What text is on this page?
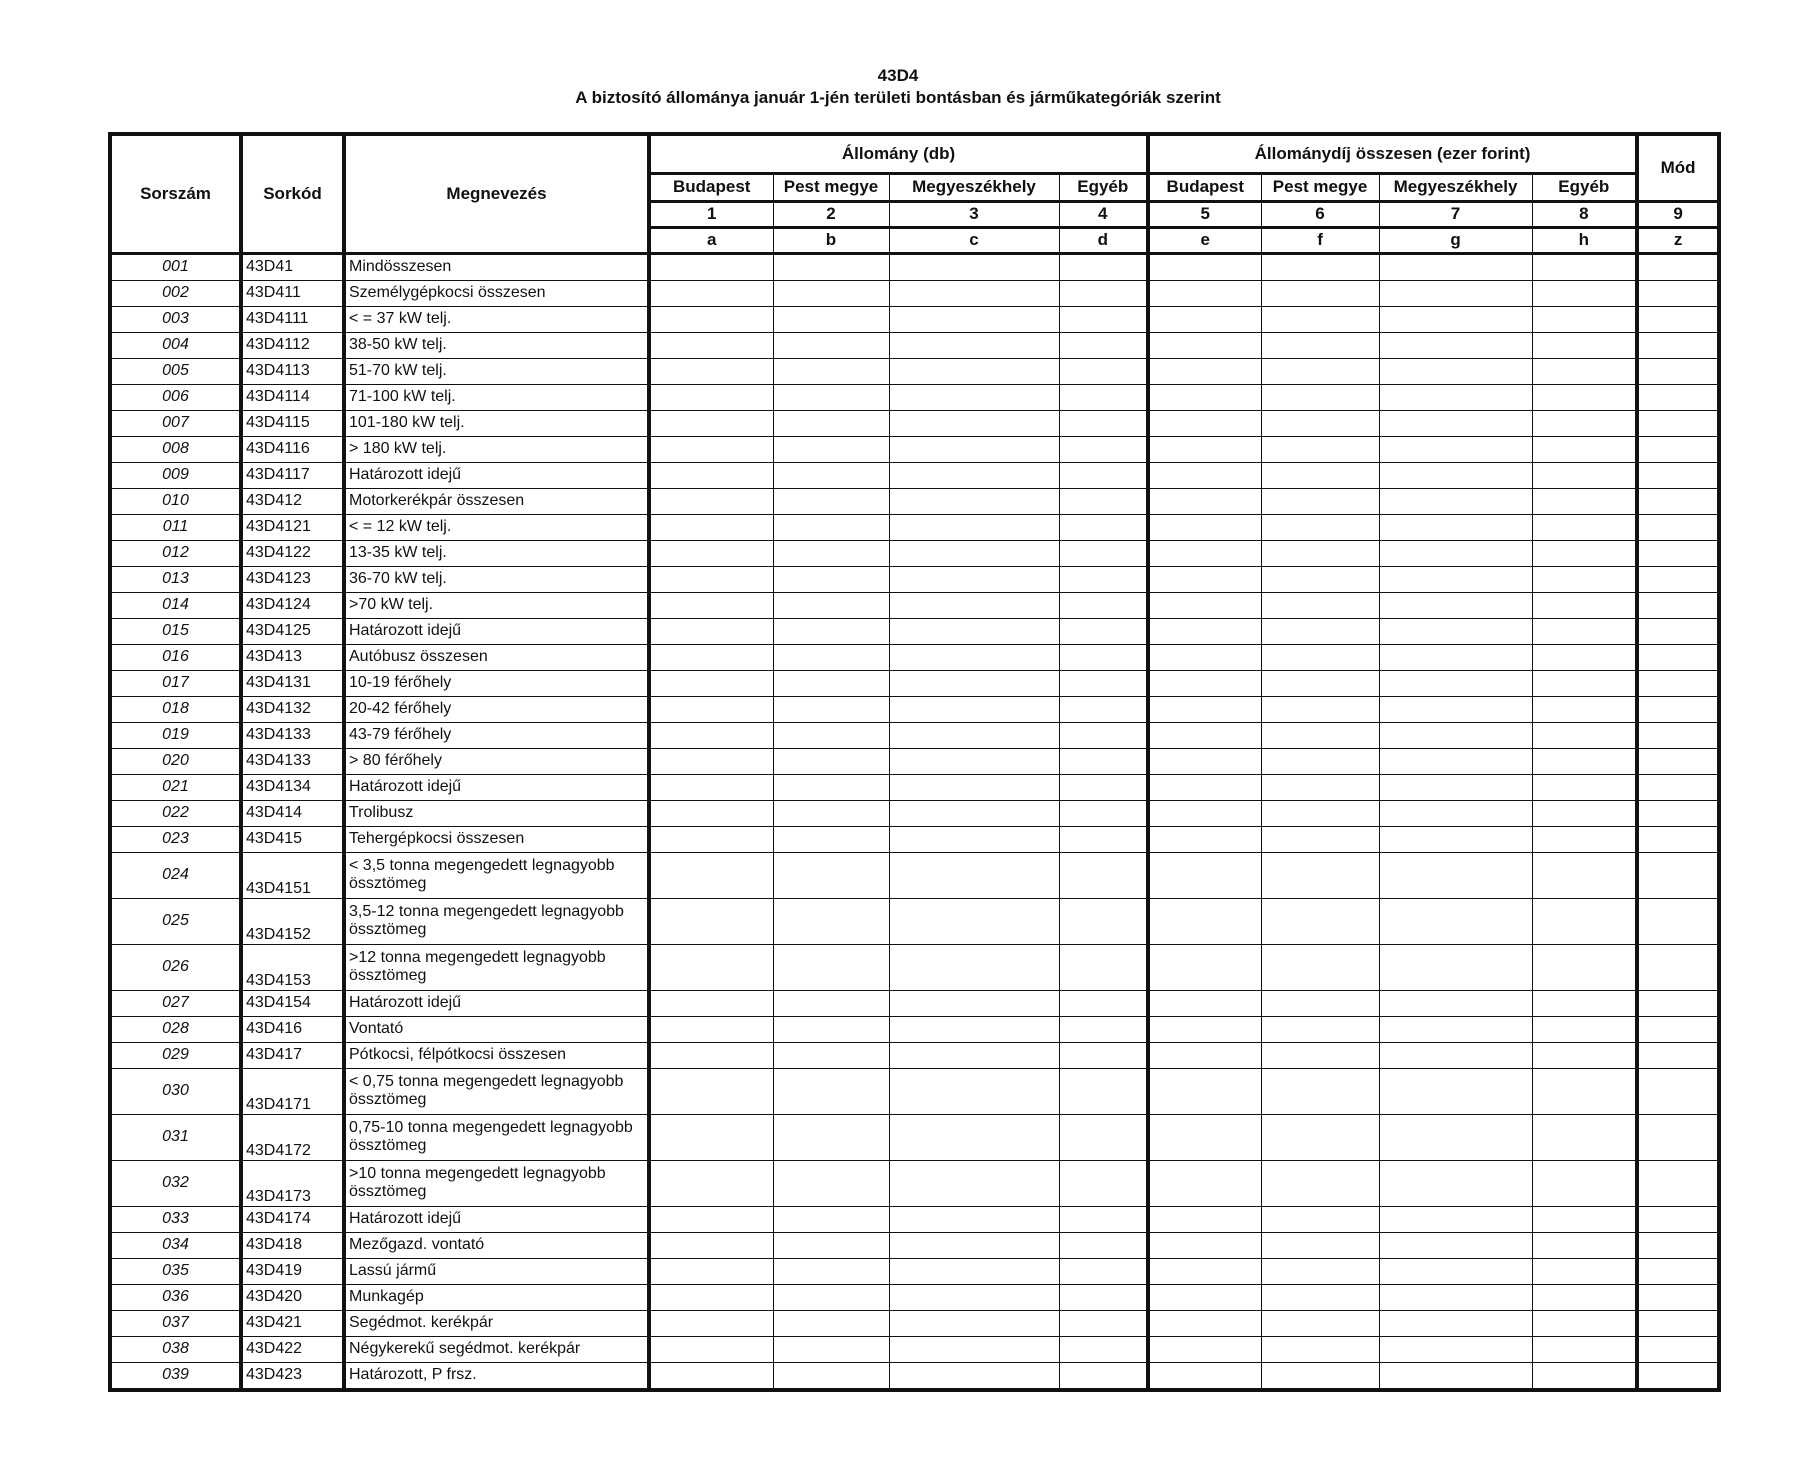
43D4
A biztosító állománya január 1-jén területi bontásban és járműkategóriák szerint
Sorszám	Sorkód	Megnevezés	Állomány (db)				Állománydíj összesen (ezer forint)				Mód
			Budapest	Pest megye	Megyeszékhely	Egyéb	Budapest	Pest megye	Megyeszékhely	Egyéb	
			1	2	3	4	5	6	7	8	9
			a	b	c	d	e	f	g	h	z
001	43D41	Mindösszesen									
002	43D411	Személygépkocsi összesen									
003	43D4111	< = 37 kW telj.									
004	43D4112	38-50 kW telj.									
005	43D4113	51-70 kW telj.									
006	43D4114	71-100 kW telj.									
007	43D4115	101-180 kW telj.									
008	43D4116	> 180 kW telj.									
009	43D4117	Határozott idejű									
010	43D412	Motorkerékpár összesen									
011	43D4121	< = 12 kW telj.									
012	43D4122	13-35 kW telj.									
013	43D4123	36-70 kW telj.									
014	43D4124	>70 kW telj.									
015	43D4125	Határozott idejű									
016	43D413	Autóbusz összesen									
017	43D4131	10-19 férőhely									
018	43D4132	20-42 férőhely									
019	43D4133	43-79 férőhely									
020	43D4133	> 80 férőhely									
021	43D4134	Határozott idejű									
022	43D414	Trolibusz									
023	43D415	Tehergépkocsi összesen									
024	43D4151	< 3,5 tonna megengedett legnagyobb össztömeg									
025	43D4152	3,5-12 tonna megengedett legnagyobb össztömeg									
026	43D4153	>12 tonna megengedett legnagyobb össztömeg									
027	43D4154	Határozott idejű									
028	43D416	Vontató									
029	43D417	Pótkocsi, félpótkocsi összesen									
030	43D4171	< 0,75 tonna megengedett legnagyobb össztömeg									
031	43D4172	0,75-10 tonna megengedett legnagyobb össztömeg									
032	43D4173	>10 tonna megengedett legnagyobb össztömeg									
033	43D4174	Határozott idejű									
034	43D418	Mezőgazd. vontató									
035	43D419	Lassú jármű									
036	43D420	Munkagép									
037	43D421	Segédmot. kerékpár									
038	43D422	Négykerekű segédmot. kerékpár									
039	43D423	Határozott, P frsz.									
